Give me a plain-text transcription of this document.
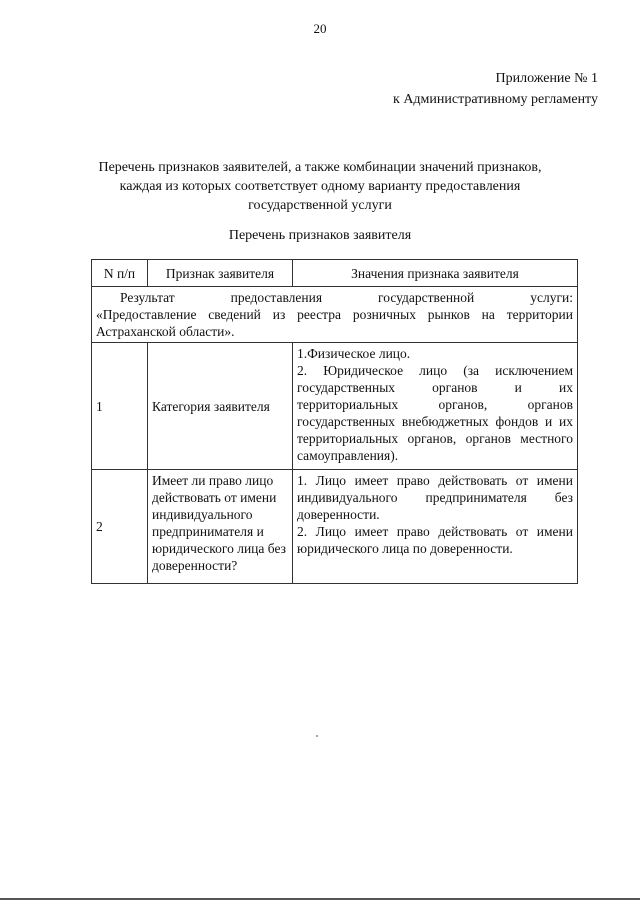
20
Приложение № 1
к Административному регламенту
Перечень признаков заявителей, а также комбинации значений признаков,
каждая из которых соответствует одному варианту предоставления
государственной услуги
Перечень признаков заявителя
N п/п	Признак заявителя	Значения признака заявителя

Результат предоставления государственной услуги:
«Предоставление сведений из реестра розничных рынков на территории
Астраханской области».		

1	Категория заявителя	1.Физическое лицо.
2. Юридическое лицо (за исключением государственных органов и их территориальных органов, органов государственных внебюджетных фондов и их территориальных органов, органов местного самоуправления).

2	Имеет ли право лицо действовать от имени индивидуального предпринимателя и юридического лица без доверенности?	1. Лицо имеет право действовать от имени индивидуального предпринимателя без доверенности.
2. Лицо имеет право действовать от имени юридического лица по доверенности.
